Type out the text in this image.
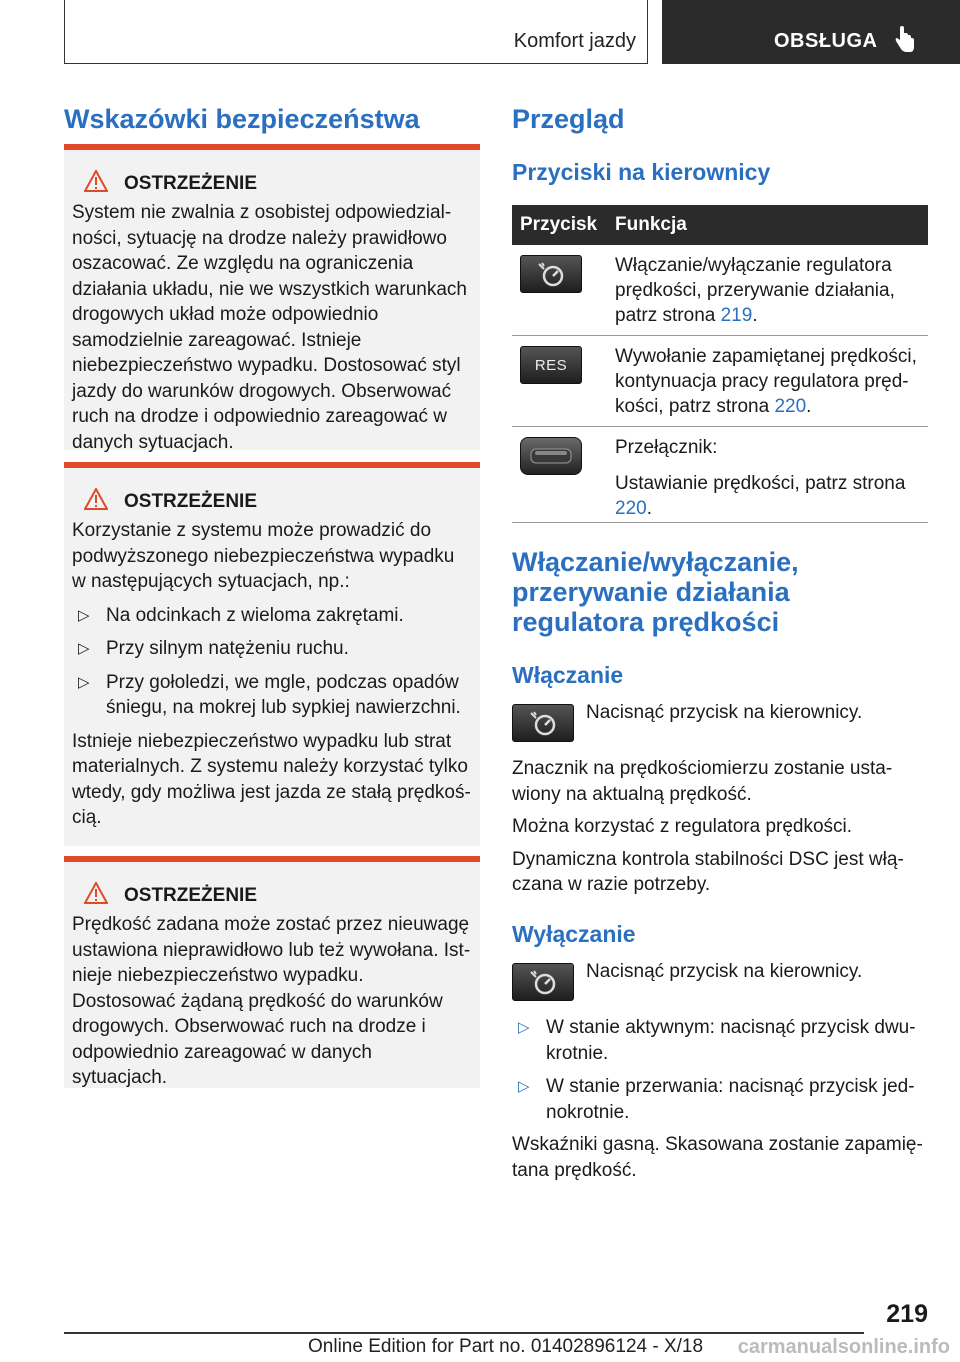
Komfort jazdy	OBSŁUGA
Wskazówki bezpieczeństwa
OSTRZEŻENIE

System nie zwalnia z osobistej odpowiedzialności, sytuację na drodze należy prawidłowo oszacować. Ze względu na ograniczenia działania układu, nie we wszystkich warunkach drogowych układ może odpowiednio samodzielnie zareagować. Istnieje niebezpieczeństwo wypadku. Dostosować styl jazdy do warunków drogowych. Obserwować ruch na drodze i odpowiednio zareagować w danych sytuacjach.

OSTRZEŻENIE

Korzystanie z systemu może prowadzić do podwyższonego niebezpieczeństwa wypadku w następujących sytuacjach, np.:

▷ Na odcinkach z wieloma zakrętami.
▷ Przy silnym natężeniu ruchu.
▷ Przy gołoledzi, we mgle, podczas opadów śniegu, na mokrej lub sypkiej nawierzchni.

Istnieje niebezpieczeństwo wypadku lub strat materialnych. Z systemu należy korzystać tylko wtedy, gdy możliwa jest jazda ze stałą prędkością.

OSTRZEŻENIE

Prędkość zadana może zostać przez nieuwagę ustawiona nieprawidłowo lub też wywołana. Istnieje niebezpieczeństwo wypadku. Dostosować żądaną prędkość do warunków drogowych. Obserwować ruch na drodze i odpowiednio zareagować w danych sytuacjach.

Przegląd
Przyciski na kierownicy
Przycisk Funkcja

Włączanie/wyłączanie regulatora prędkości, przerywanie działania, patrz strona 219.

RES	Wywołanie zapamiętanej prędkości, kontynuacja pracy regulatora prędkości, patrz strona 220.

Przełącznik:

Ustawianie prędkości, patrz strona 220.

Włączanie/wyłączanie, przerywanie działania regulatora prędkości
Włączanie
Nacisnąć przycisk na kierownicy.

Znacznik na prędkościomierzu zostanie ustawiony na aktualną prędkość.

Można korzystać z regulatora prędkości.

Dynamiczna kontrola stabilności DSC jest włączana w razie potrzeby.

Wyłączanie
Nacisnąć przycisk na kierownicy.
▷ W stanie aktywnym: nacisnąć przycisk dwukrotnie.
▷ W stanie przerwania: nacisnąć przycisk jednokrotnie.

Wskaźniki gasną. Skasowana zostanie zapamiętana prędkość.

219
Online Edition for Part no. 01402896124 - X/18 carmanualsonline.info
